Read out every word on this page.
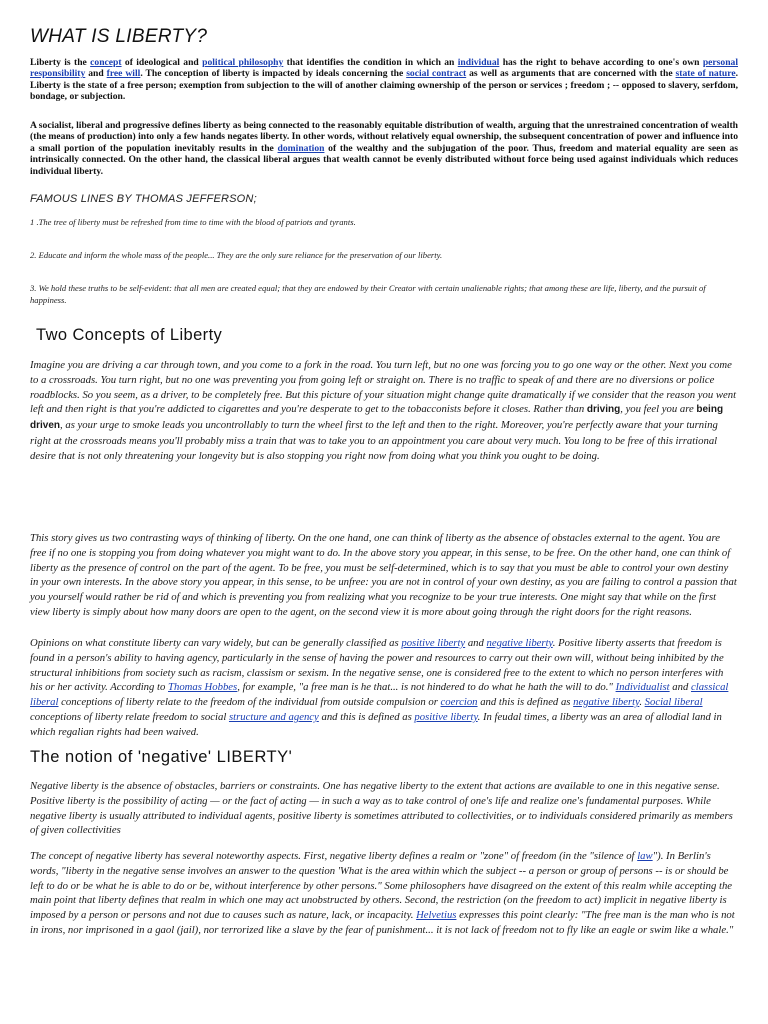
WHAT IS LIBERTY?

Liberty is the concept of ideological and political philosophy that identifies the condition in which an individual has the right to behave according to one's own personal responsibility and free will. The conception of liberty is impacted by ideals concerning the social contract as well as arguments that are concerned with the state of nature. Liberty is the state of a free person; exemption from subjection to the will of another claiming ownership of the person or services ; freedom ; -- opposed to slavery, serfdom, bondage, or subjection.

A socialist, liberal and progressive defines liberty as being connected to the reasonably equitable distribution of wealth, arguing that the unrestrained concentration of wealth (the means of production) into only a few hands negates liberty. In other words, without relatively equal ownership, the subsequent concentration of power and influence into a small portion of the population inevitably results in the domination of the wealthy and the subjugation of the poor. Thus, freedom and material equality are seen as intrinsically connected. On the other hand, the classical liberal argues that wealth cannot be evenly distributed without force being used against individuals which reduces individual liberty.

FAMOUS LINES BY THOMAS JEFFERSON;

1 .The tree of liberty must be refreshed from time to time with the blood of patriots and tyrants.

2. Educate and inform the whole mass of the people... They are the only sure reliance for the preservation of our liberty.

3. We hold these truths to be self-evident: that all men are created equal; that they are endowed by their Creator with certain unalienable rights; that among these are life, liberty, and the pursuit of happiness.

Two Concepts of Liberty

Imagine you are driving a car through town, and you come to a fork in the road. You turn left, but no one was forcing you to go one way or the other. Next you come to a crossroads. You turn right, but no one was preventing you from going left or straight on. There is no traffic to speak of and there are no diversions or police roadblocks. So you seem, as a driver, to be completely free. But this picture of your situation might change quite dramatically if we consider that the reason you went left and then right is that you're addicted to cigarettes and you're desperate to get to the tobacconists before it closes. Rather than driving, you feel you are being driven, as your urge to smoke leads you uncontrollably to turn the wheel first to the left and then to the right. Moreover, you're perfectly aware that your turning right at the crossroads means you'll probably miss a train that was to take you to an appointment you care about very much. You long to be free of this irrational desire that is not only threatening your longevity but is also stopping you right now from doing what you think you ought to be doing.

This story gives us two contrasting ways of thinking of liberty. On the one hand, one can think of liberty as the absence of obstacles external to the agent. You are free if no one is stopping you from doing whatever you might want to do. In the above story you appear, in this sense, to be free. On the other hand, one can think of liberty as the presence of control on the part of the agent. To be free, you must be self-determined, which is to say that you must be able to control your own destiny in your own interests. In the above story you appear, in this sense, to be unfree: you are not in control of your own destiny, as you are failing to control a passion that you yourself would rather be rid of and which is preventing you from realizing what you recognize to be your true interests. One might say that while on the first view liberty is simply about how many doors are open to the agent, on the second view it is more about going through the right doors for the right reasons.

Opinions on what constitute liberty can vary widely, but can be generally classified as positive liberty and negative liberty. Positive liberty asserts that freedom is found in a person's ability to having agency, particularly in the sense of having the power and resources to carry out their own will, without being inhibited by the structural inhibitions from society such as racism, classism or sexism. In the negative sense, one is considered free to the extent to which no person interferes with his or her activity. According to Thomas Hobbes, for example, "a free man is he that... is not hindered to do what he hath the will to do." Individualist and classical liberal conceptions of liberty relate to the freedom of the individual from outside compulsion or coercion and this is defined as negative liberty. Social liberal conceptions of liberty relate freedom to social structure and agency and this is defined as positive liberty. In feudal times, a liberty was an area of allodial land in which regalian rights had been waived.

The notion of 'negative' LIBERTY'

Negative liberty is the absence of obstacles, barriers or constraints. One has negative liberty to the extent that actions are available to one in this negative sense. Positive liberty is the possibility of acting — or the fact of acting — in such a way as to take control of one's life and realize one's fundamental purposes. While negative liberty is usually attributed to individual agents, positive liberty is sometimes attributed to collectivities, or to individuals considered primarily as members of given collectivities

The concept of negative liberty has several noteworthy aspects. First, negative liberty defines a realm or "zone" of freedom (in the "silence of law"). In Berlin's words, "liberty in the negative sense involves an answer to the question 'What is the area within which the subject -- a person or group of persons -- is or should be left to do or be what he is able to do or be, without interference by other persons." Some philosophers have disagreed on the extent of this realm while accepting the main point that liberty defines that realm in which one may act unobstructed by others. Second, the restriction (on the freedom to act) implicit in negative liberty is imposed by a person or persons and not due to causes such as nature, lack, or incapacity. Helvetius expresses this point clearly: "The free man is the man who is not in irons, nor imprisoned in a gaol (jail), nor terrorized like a slave by the fear of punishment... it is not lack of freedom not to fly like an eagle or swim like a whale."
